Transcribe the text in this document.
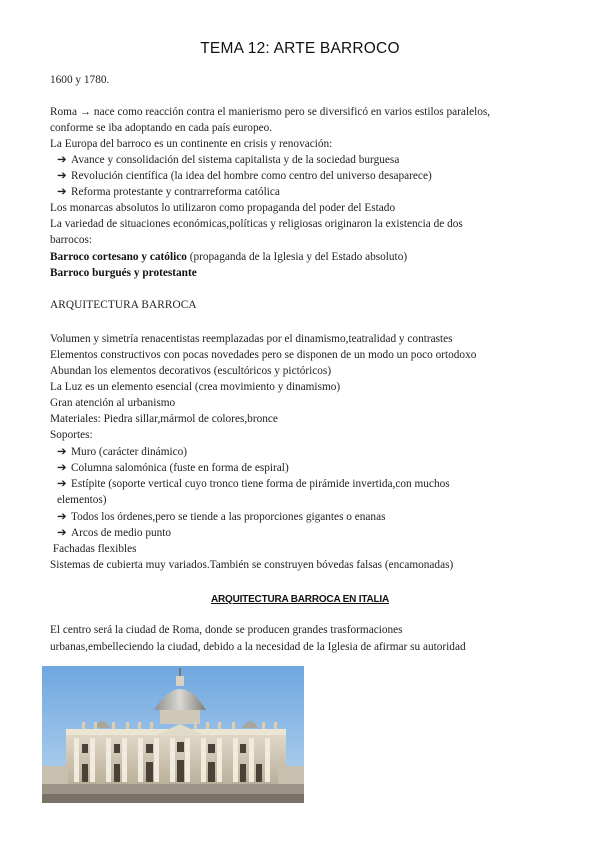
TEMA 12: ARTE BARROCO
1600 y 1780.
Roma → nace como reacción contra el manierismo pero se diversificó en varios estilos paralelos,
conforme se iba adoptando en cada país europeo.
La Europa del barroco es un continente en crisis y renovación:
➔ Avance y consolidación del sistema capitalista y de la sociedad burguesa
➔ Revolución científica (la idea del hombre como centro del universo desaparece)
➔ Reforma protestante y contrarreforma católica
Los monarcas absolutos lo utilizaron como propaganda del poder del Estado
La variedad de situaciones económicas,políticas y religiosas originaron la existencia de dos
barrocos:
Barroco cortesano y católico (propaganda de la Iglesia y del Estado absoluto)
Barroco burgués y protestante
ARQUITECTURA BARROCA
Volumen y simetría renacentistas reemplazadas por el dinamismo,teatralidad y contrastes
Elementos constructivos con pocas novedades pero se disponen de un modo un poco ortodoxo
Abundan los elementos decorativos (escultóricos y pictóricos)
La Luz es un elemento esencial (crea movimiento y dinamismo)
Gran atención al urbanismo
Materiales: Piedra sillar,mármol de colores,bronce
Soportes:
➔ Muro (carácter dinámico)
➔ Columna salomónica (fuste en forma de espiral)
➔ Estípite (soporte vertical cuyo tronco tiene forma de pirámide invertida,con muchos
elementos)
➔ Todos los órdenes,pero se tiende a las proporciones gigantes o enanas
➔ Arcos de medio punto
Fachadas flexibles
Sistemas de cubierta muy variados.También se construyen bóvedas falsas (encamonadas)
ARQUITECTURA BARROCA EN ITALIA
El centro será la ciudad de Roma, donde se producen grandes trasformaciones
urbanas,embelleciendo la ciudad, debido a la necesidad de la Iglesia de afirmar su autoridad
